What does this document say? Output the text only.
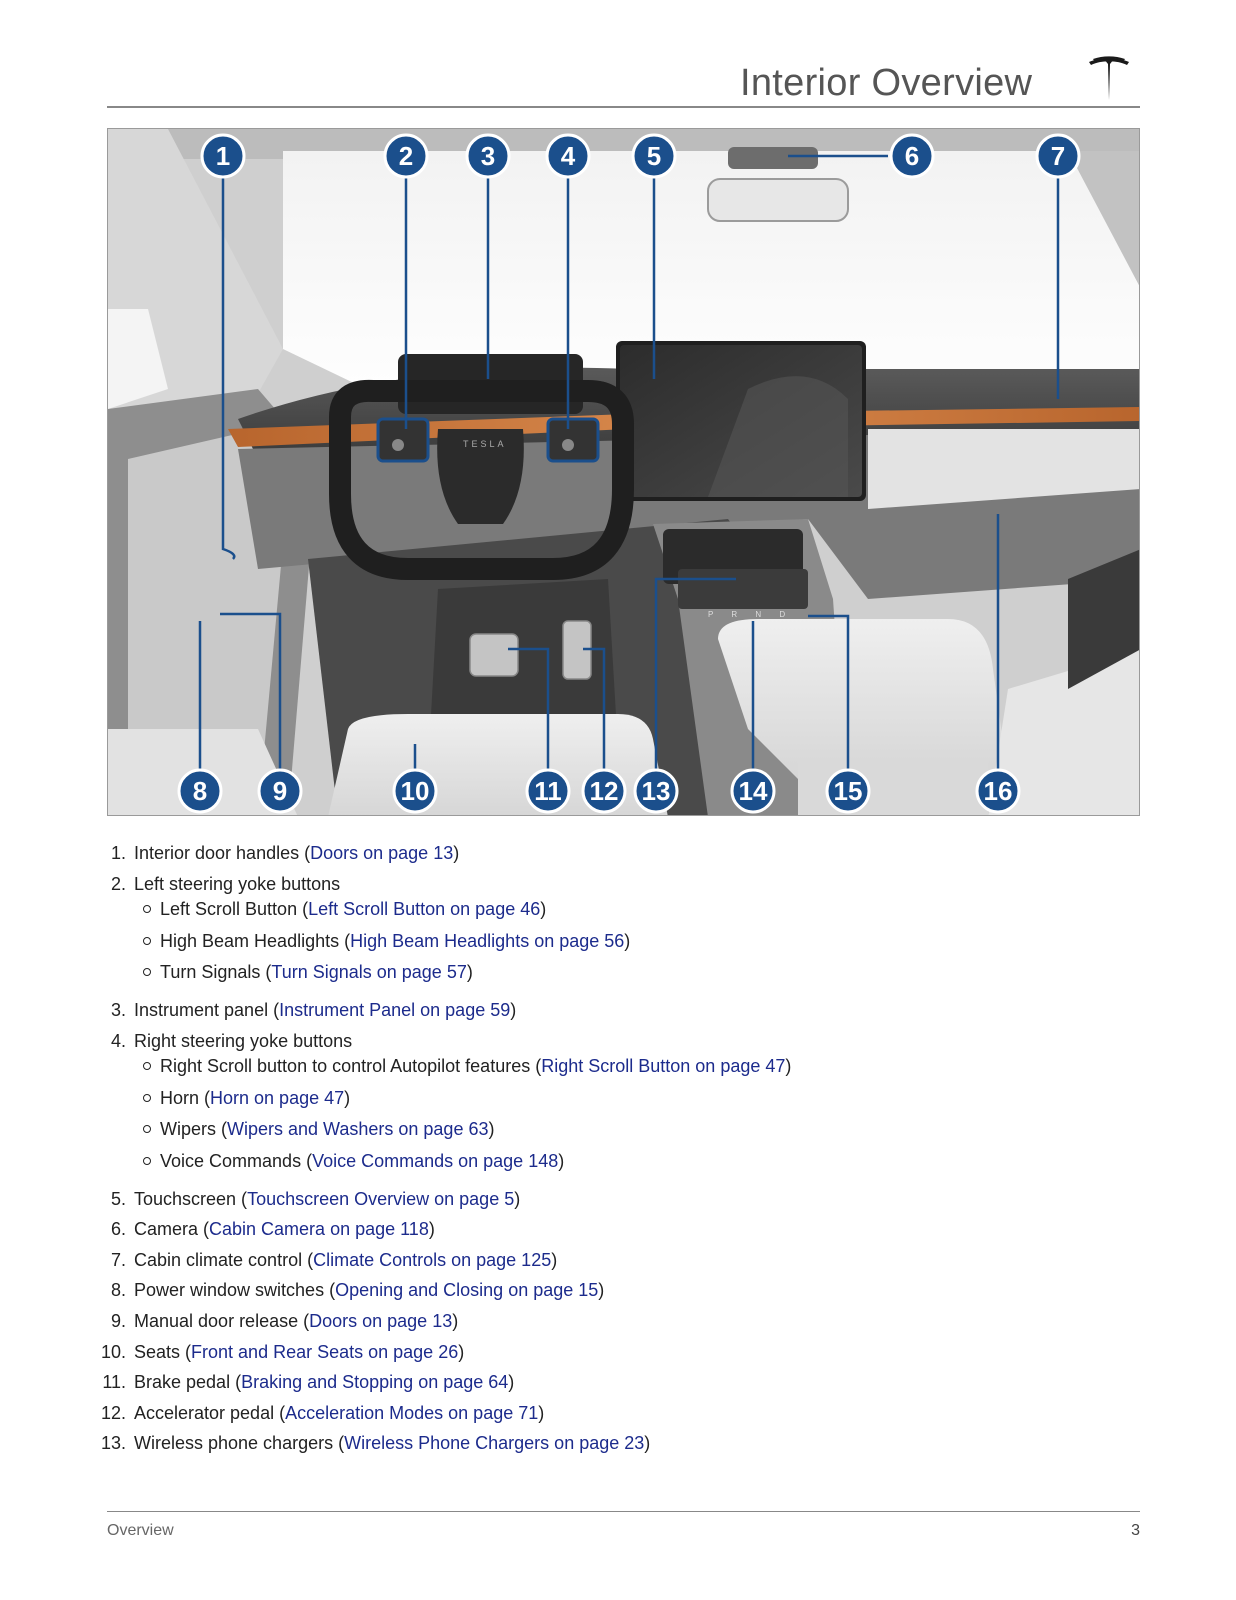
Interior Overview
TESLA
P R N D
1	2	3	4	5	6	7
8	9	10	11 12 13	14	15	16
1. Interior door handles (Doors on page 13)
2. Left steering yoke buttons
Left Scroll Button (Left Scroll Button on page 46)
High Beam Headlights (High Beam Headlights on page 56)
Turn Signals (Turn Signals on page 57)
3. Instrument panel (Instrument Panel on page 59)
4. Right steering yoke buttons
Right Scroll button to control Autopilot features (Right Scroll Button on page 47)
Horn (Horn on page 47)
Wipers (Wipers and Washers on page 63)
Voice Commands (Voice Commands on page 148)
5. Touchscreen (Touchscreen Overview on page 5)
6. Camera (Cabin Camera on page 118)
7. Cabin climate control (Climate Controls on page 125)
8. Power window switches (Opening and Closing on page 15)
9. Manual door release (Doors on page 13)
10. Seats (Front and Rear Seats on page 26)
11. Brake pedal (Braking and Stopping on page 64)
12. Accelerator pedal (Acceleration Modes on page 71)
13. Wireless phone chargers (Wireless Phone Chargers on page 23)
Overview	3
